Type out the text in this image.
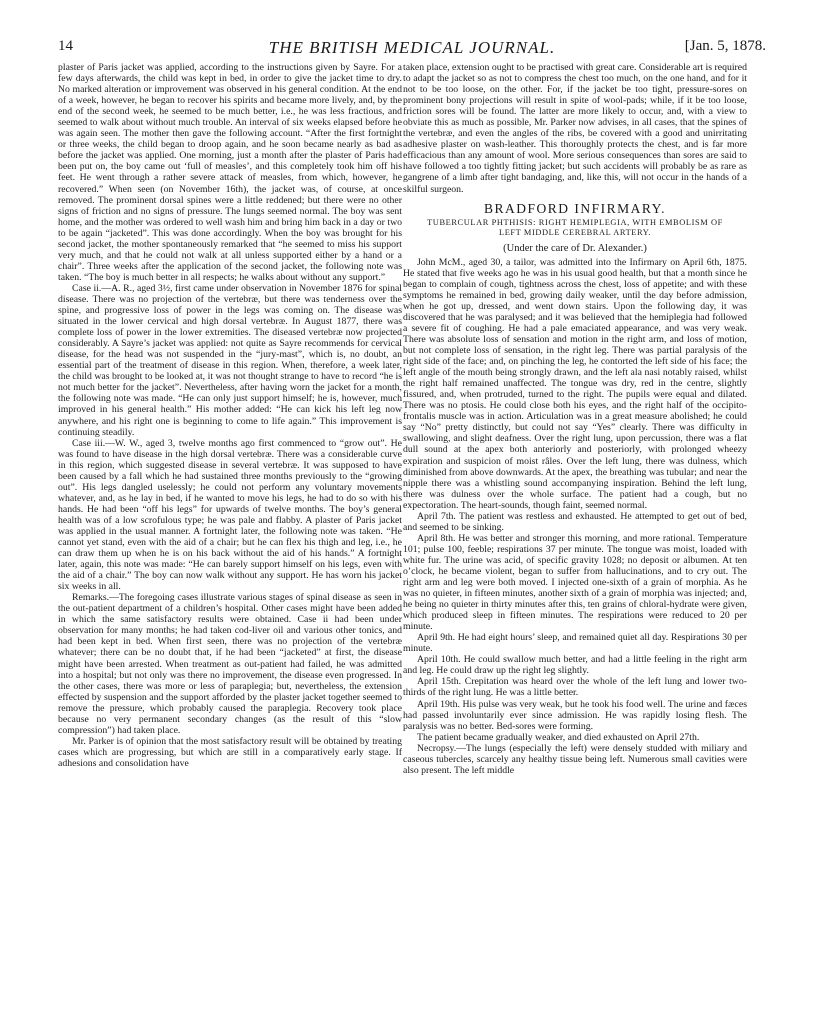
14	THE BRITISH MEDICAL JOURNAL.	[Jan. 5, 1878.

plaster of Paris jacket was applied, according to the instructions given by Sayre. For a few days afterwards, the child was kept in bed, in order to give the jacket time to dry. No marked alteration or improvement was observed in his general condition. At the end of a week, however, he began to recover his spirits and became more lively, and, by the end of the second week, he seemed to be much better, i.e., he was less fractious, and seemed to walk about without much trouble. An interval of six weeks elapsed before he was again seen. The mother then gave the following account. “After the first fortnight or three weeks, the child began to droop again, and he soon became nearly as bad as before the jacket was applied. One morning, just a month after the plaster of Paris had been put on, the boy came out ‘full of measles’, and this completely took him off his feet. He went through a rather severe attack of measles, from which, however, he recovered.” When seen (on November 16th), the jacket was, of course, at once removed. The prominent dorsal spines were a little reddened; but there were no other signs of friction and no signs of pressure. The lungs seemed normal. The boy was sent home, and the mother was ordered to well wash him and bring him back in a day or two to be again “jacketed”. This was done accordingly. When the boy was brought for his second jacket, the mother spontaneously remarked that “he seemed to miss his support very much, and that he could not walk at all unless supported either by a hand or a chair”. Three weeks after the application of the second jacket, the following note was taken. “The boy is much better in all respects; he walks about without any support.”

Case ii.—A. R., aged 3½, first came under observation in November 1876 for spinal disease. There was no projection of the vertebræ, but there was tenderness over the spine, and progressive loss of power in the legs was coming on. The disease was situated in the lower cervical and high dorsal vertebræ. In August 1877, there was complete loss of power in the lower extremities. The diseased vertebræ now projected considerably. A Sayre’s jacket was applied: not quite as Sayre recommends for cervical disease, for the head was not suspended in the “jury-mast”, which is, no doubt, an essential part of the treatment of disease in this region. When, therefore, a week later, the child was brought to be looked at, it was not thought strange to have to record “he is not much better for the jacket”. Nevertheless, after having worn the jacket for a month, the following note was made. “He can only just support himself; he is, however, much improved in his general health.” His mother added: “He can kick his left leg now anywhere, and his right one is beginning to come to life again.” This improvement is continuing steadily.

Case iii.—W. W., aged 3, twelve months ago first commenced to “grow out”. He was found to have disease in the high dorsal vertebræ. There was a considerable curve in this region, which suggested disease in several vertebræ. It was supposed to have been caused by a fall which he had sustained three months previously to the “growing out”. His legs dangled uselessly; he could not perform any voluntary movements whatever, and, as he lay in bed, if he wanted to move his legs, he had to do so with his hands. He had been “off his legs” for upwards of twelve months. The boy’s general health was of a low scrofulous type; he was pale and flabby. A plaster of Paris jacket was applied in the usual manner. A fortnight later, the following note was taken. “He cannot yet stand, even with the aid of a chair; but he can flex his thigh and leg, i.e., he can draw them up when he is on his back without the aid of his hands.” A fortnight later, again, this note was made: “He can barely support himself on his legs, even with the aid of a chair.” The boy can now walk without any support. He has worn his jacket six weeks in all.

Remarks.—The foregoing cases illustrate various stages of spinal disease as seen in the out-patient department of a children’s hospital. Other cases might have been added in which the same satisfactory results were obtained. Case ii had been under observation for many months; he had taken cod-liver oil and various other tonics, and had been kept in bed. When first seen, there was no projection of the vertebræ whatever; there can be no doubt that, if he had been “jacketed” at first, the disease might have been arrested. When treatment as out-patient had failed, he was admitted into a hospital; but not only was there no improvement, the disease even progressed. In the other cases, there was more or less of paraplegia; but, nevertheless, the extension effected by suspension and the support afforded by the plaster jacket together seemed to remove the pressure, which probably caused the paraplegia. Recovery took place because no very permanent secondary changes (as the result of this “slow compression”) had taken place.

Mr. Parker is of opinion that the most satisfactory result will be obtained by treating cases which are progressing, but which are still in a comparatively early stage. If adhesions and consolidation have

taken place, extension ought to be practised with great care. Considerable art is required to adapt the jacket so as not to compress the chest too much, on the one hand, and for it not to be too loose, on the other. For, if the jacket be too tight, pressure-sores on prominent bony projections will result in spite of wool-pads; while, if it be too loose, friction sores will be found. The latter are more likely to occur, and, with a view to obviate this as much as possible, Mr. Parker now advises, in all cases, that the spines of the vertebræ, and even the angles of the ribs, be covered with a good and unirritating adhesive plaster on wash-leather. This thoroughly protects the chest, and is far more efficacious than any amount of wool. More serious consequences than sores are said to have followed a too tightly fitting jacket; but such accidents will probably be as rare as gangrene of a limb after tight bandaging, and, like this, will not occur in the hands of a skilful surgeon.

BRADFORD INFIRMARY.
TUBERCULAR PHTHISIS: RIGHT HEMIPLEGIA, WITH EMBOLISM OF LEFT MIDDLE CEREBRAL ARTERY.
(Under the care of Dr. Alexander.)

John McM., aged 30, a tailor, was admitted into the Infirmary on April 6th, 1875. He stated that five weeks ago he was in his usual good health, but that a month since he began to complain of cough, tightness across the chest, loss of appetite; and with these symptoms he remained in bed, growing daily weaker, until the day before admission, when he got up, dressed, and went down stairs. Upon the following day, it was discovered that he was paralysed; and it was believed that the hemiplegia had followed a severe fit of coughing. He had a pale emaciated appearance, and was very weak. There was absolute loss of sensation and motion in the right arm, and loss of motion, but not complete loss of sensation, in the right leg. There was partial paralysis of the right side of the face; and, on pinching the leg, he contorted the left side of his face; the left angle of the mouth being strongly drawn, and the left ala nasi notably raised, whilst the right half remained unaffected. The tongue was dry, red in the centre, slightly fissured, and, when protruded, turned to the right. The pupils were equal and dilated. There was no ptosis. He could close both his eyes, and the right half of the occipito-frontalis muscle was in action. Articulation was in a great measure abolished; he could say “No” pretty distinctly, but could not say “Yes” clearly. There was difficulty in swallowing, and slight deafness. Over the right lung, upon percussion, there was a flat dull sound at the apex both anteriorly and posteriorly, with prolonged wheezy expiration and suspicion of moist râles. Over the left lung, there was dulness, which diminished from above downwards. At the apex, the breathing was tubular; and near the nipple there was a whistling sound accompanying inspiration. Behind the left lung, there was dulness over the whole surface. The patient had a cough, but no expectoration. The heart-sounds, though faint, seemed normal.

April 7th. The patient was restless and exhausted. He attempted to get out of bed, and seemed to be sinking.

April 8th. He was better and stronger this morning, and more rational. Temperature 101; pulse 100, feeble; respirations 37 per minute. The tongue was moist, loaded with white fur. The urine was acid, of specific gravity 1028; no deposit or albumen. At ten o’clock, he became violent, began to suffer from hallucinations, and to cry out. The right arm and leg were both moved. I injected one-sixth of a grain of morphia. As he was no quieter, in fifteen minutes, another sixth of a grain of morphia was injected; and, he being no quieter in thirty minutes after this, ten grains of chloral-hydrate were given, which produced sleep in fifteen minutes. The respirations were reduced to 20 per minute.

April 9th. He had eight hours’ sleep, and remained quiet all day. Respirations 30 per minute.

April 10th. He could swallow much better, and had a little feeling in the right arm and leg. He could draw up the right leg slightly.

April 15th. Crepitation was heard over the whole of the left lung and lower two-thirds of the right lung. He was a little better.

April 19th. His pulse was very weak, but he took his food well. The urine and fæces had passed involuntarily ever since admission. He was rapidly losing flesh. The paralysis was no better. Bed-sores were forming.

The patient became gradually weaker, and died exhausted on April 27th.

Necropsy.—The lungs (especially the left) were densely studded with miliary and caseous tubercles, scarcely any healthy tissue being left. Numerous small cavities were also present. The left middle
